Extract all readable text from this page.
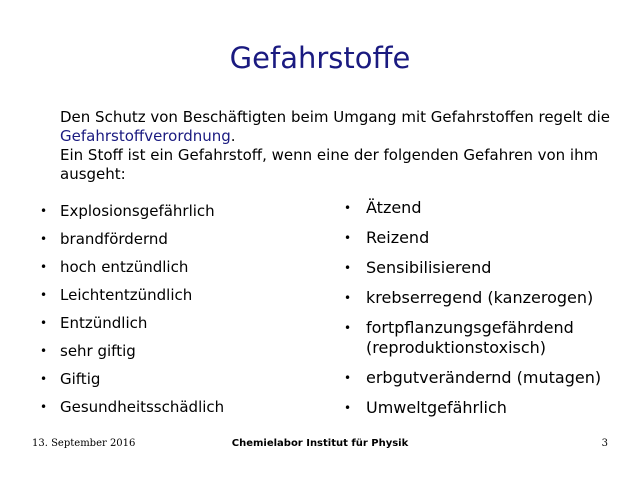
Gefahrstoffe
Den Schutz von Beschäftigten beim Umgang mit Gefahrstoffen regelt die
Gefahrstoffverordnung.
Ein Stoff ist ein Gefahrstoff, wenn eine der folgenden Gefahren von ihm
ausgeht:
• Explosionsgefährlich
• brandfördernd
• hoch entzündlich
• Leichtentzündlich
• Entzündlich
• sehr giftig
• Giftig
• Gesundheitsschädlich
• Ätzend
• Reizend
• Sensibilisierend
• krebserregend (kanzerogen)
• fortpflanzungsgefährdend
(reproduktionstoxisch)
• erbgutverändernd (mutagen)
• Umweltgefährlich
13. September 2016	Chemielabor Institut für Physik	3
